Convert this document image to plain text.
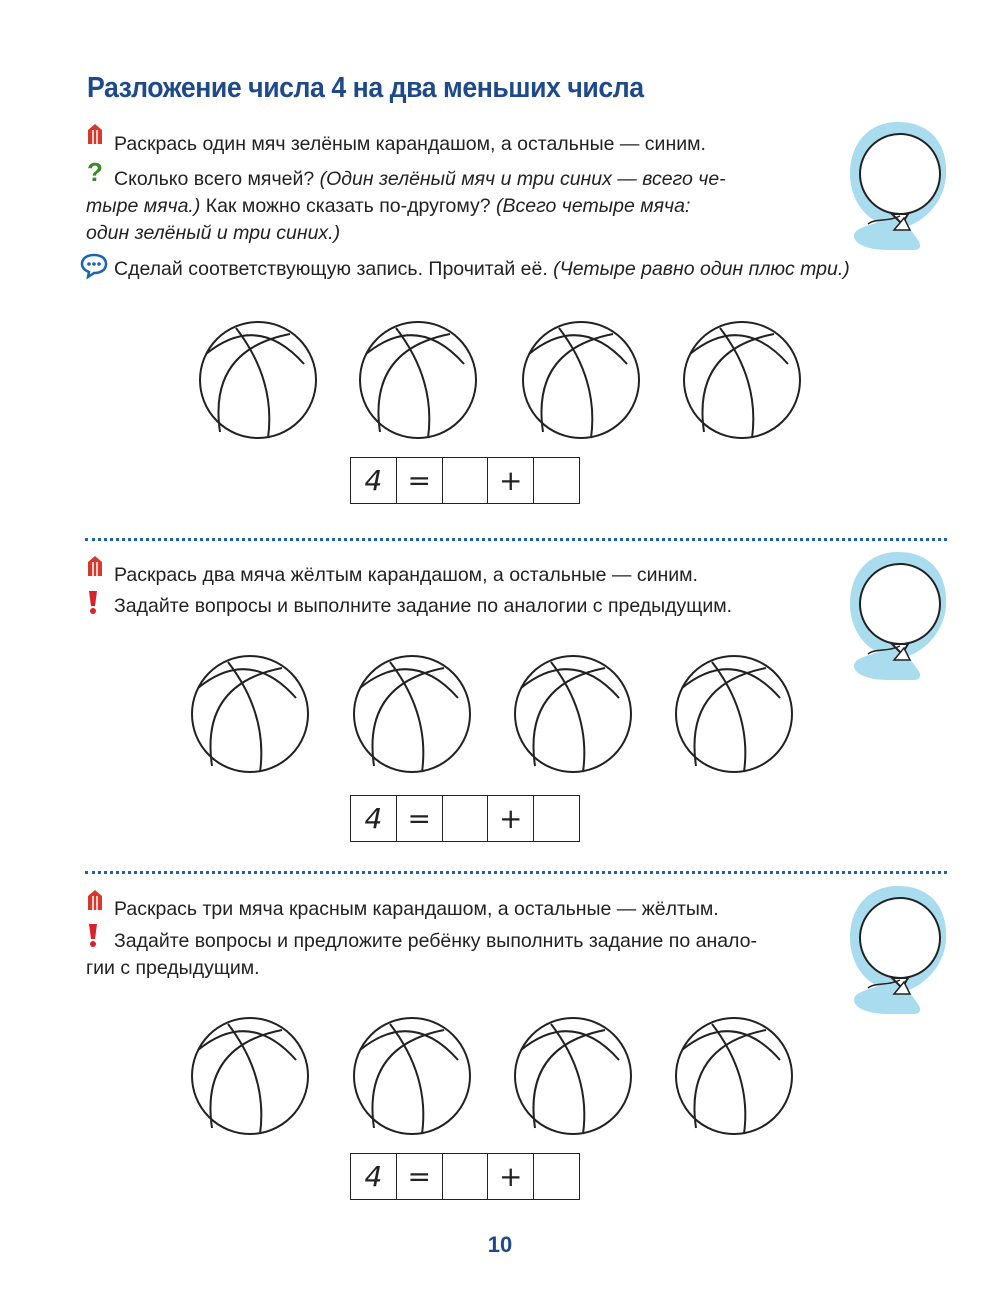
Разложение числа 4 на два меньших числа
Раскрась один мяч зелёным карандашом, а остальные — синим.
? Сколько всего мячей? (Один зелёный мяч и три синих — всего че-
тыре мяча.) Как можно сказать по-другому? (Всего четыре мяча:
один зелёный и три синих.)
Сделай соответствующую запись. Прочитай её. (Четыре равно один плюс три.)
4 = +
Раскрась два мяча жёлтым карандашом, а остальные — синим.
Задайте вопросы и выполните задание по аналогии с предыдущим.
4 = +
Раскрась три мяча красным карандашом, а остальные — жёлтым.
Задайте вопросы и предложите ребёнку выполнить задание по анало-
гии с предыдущим.
4 = +
10
